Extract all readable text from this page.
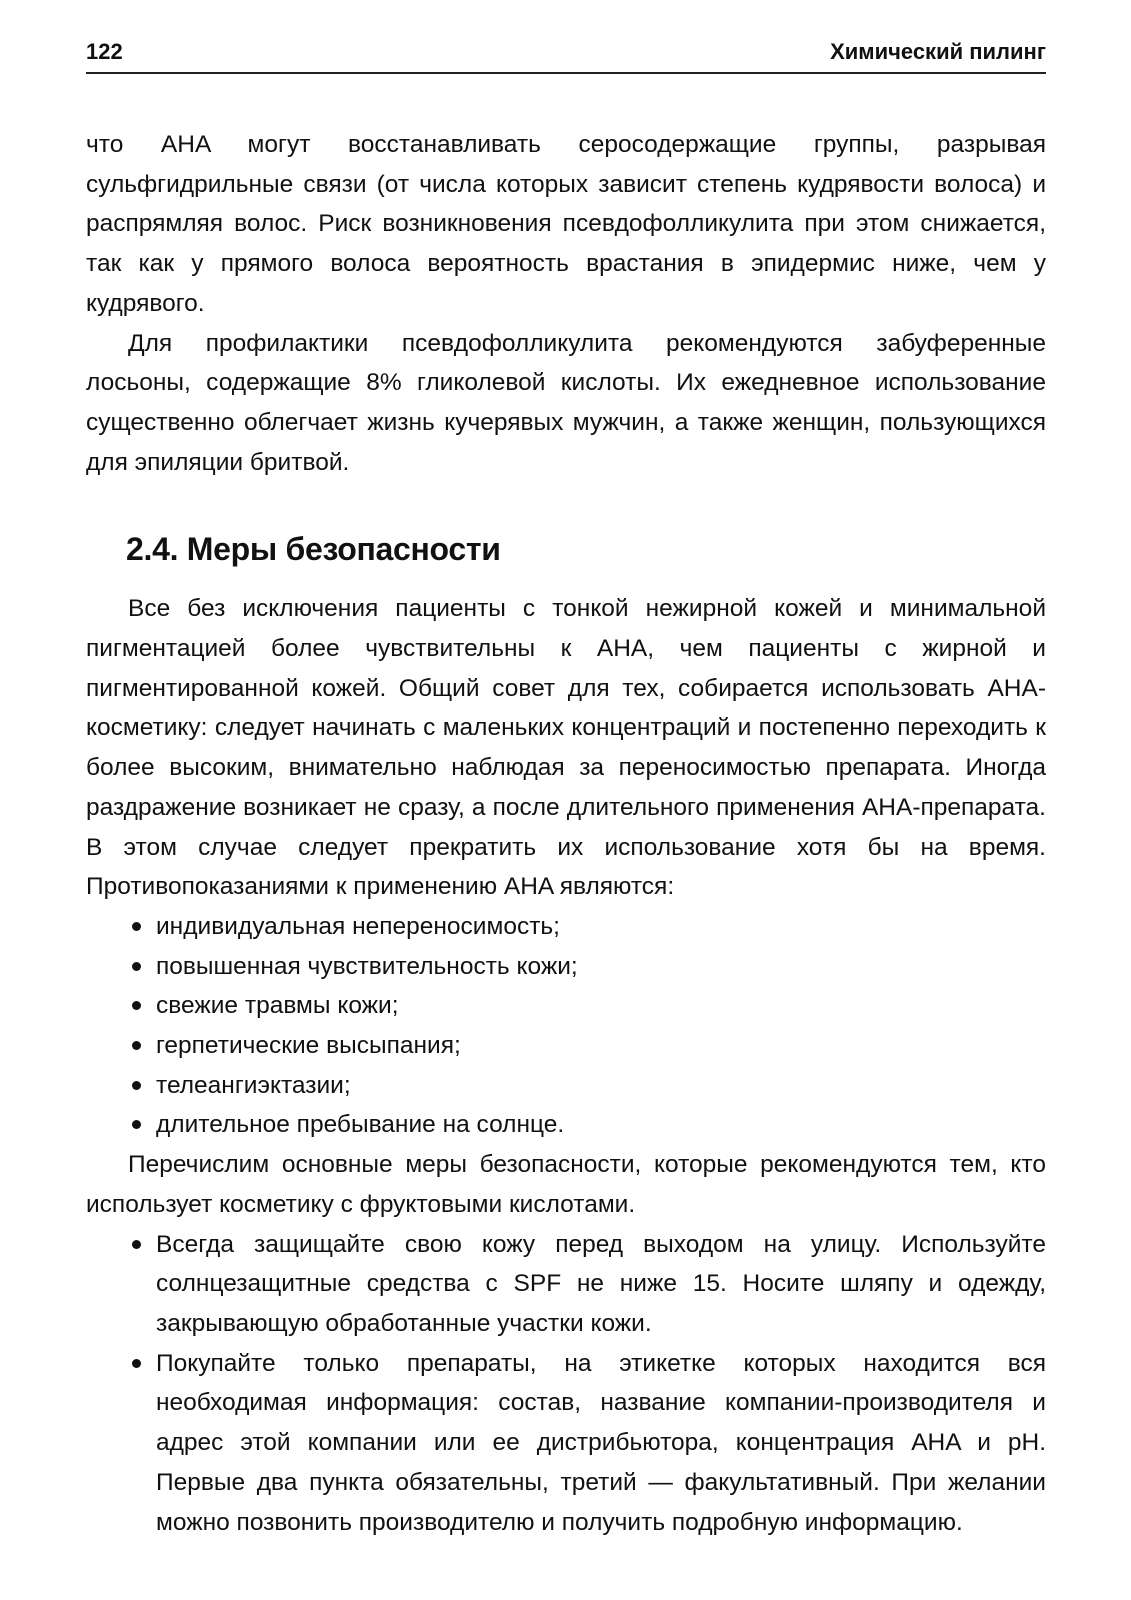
122	Химический пилинг

что AHA могут восстанавливать серосодержащие группы, разрывая сульфгидрильные связи (от числа которых зависит степень кудрявости волоса) и распрямляя волос. Риск возникновения псевдофолликулита при этом снижается, так как у прямого волоса вероятность врастания в эпидермис ниже, чем у кудрявого.

Для профилактики псевдофолликулита рекомендуются забуференные лосьоны, содержащие 8% гликолевой кислоты. Их ежедневное использование существенно облегчает жизнь кучерявых мужчин, а также женщин, пользующихся для эпиляции бритвой.

2.4. Меры безопасности

Все без исключения пациенты с тонкой нежирной кожей и минимальной пигментацией более чувствительны к AHA, чем пациенты с жирной и пигментированной кожей. Общий совет для тех, собирается использовать AHA-косметику: следует начинать с маленьких концентраций и постепенно переходить к более высоким, внимательно наблюдая за переносимостью препарата. Иногда раздражение возникает не сразу, а после длительного применения AHA-препарата. В этом случае следует прекратить их использование хотя бы на время. Противопоказаниями к применению AHA являются:

индивидуальная непереносимость;
повышенная чувствительность кожи;
свежие травмы кожи;
герпетические высыпания;
телеангиэктазии;
длительное пребывание на солнце.

Перечислим основные меры безопасности, которые рекомендуются тем, кто использует косметику с фруктовыми кислотами.

Всегда защищайте свою кожу перед выходом на улицу. Используйте солнцезащитные средства с SPF не ниже 15. Носите шляпу и одежду, закрывающую обработанные участки кожи.
Покупайте только препараты, на этикетке которых находится вся необходимая информация: состав, название компании-производителя и адрес этой компании или ее дистрибьютора, концентрация AHA и pH. Первые два пункта обязательны, третий — факультативный. При желании можно позвонить производителю и получить подробную информацию.
